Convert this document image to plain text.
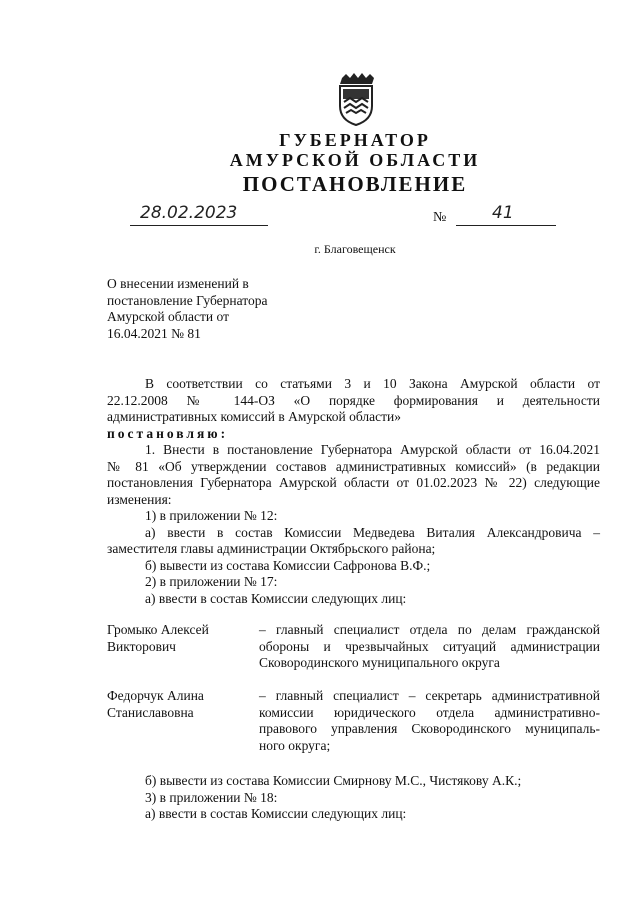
ГУБЕРНАТОР
АМУРСКОЙ ОБЛАСТИ
ПОСТАНОВЛЕНИЕ
28.02.2023	№	41
г. Благовещенск
О внесении изменений в
постановление Губернатора
Амурской области от
16.04.2021 № 81
В соответствии со статьями 3 и 10 Закона Амурской области от
22.12.2008 № 144-ОЗ «О порядке формирования и деятельности
административных комиссий в Амурской области»
постановляю:
1. Внести в постановление Губернатора Амурской области от 16.04.2021
№ 81 «Об утверждении составов административных комиссий» (в редакции
постановления Губернатора Амурской области от 01.02.2023 № 22) следующие
изменения:
1) в приложении № 12:
а) ввести в состав Комиссии Медведева Виталия Александровича –
заместителя главы администрации Октябрьского района;
б) вывести из состава Комиссии Сафронова В.Ф.;
2) в приложении № 17:
а) ввести в состав Комиссии следующих лиц:
Громыко Алексей
Викторович
– главный специалист отдела по делам гражданской
обороны и чрезвычайных ситуаций администрации
Сковородинского муниципального округа
Федорчук Алина
Станиславовна
– главный специалист – секретарь административной
комиссии юридического отдела административно-
правового управления Сковородинского муниципаль-
ного округа;
б) вывести из состава Комиссии Смирнову М.С., Чистякову А.К.;
3) в приложении № 18:
а) ввести в состав Комиссии следующих лиц:
